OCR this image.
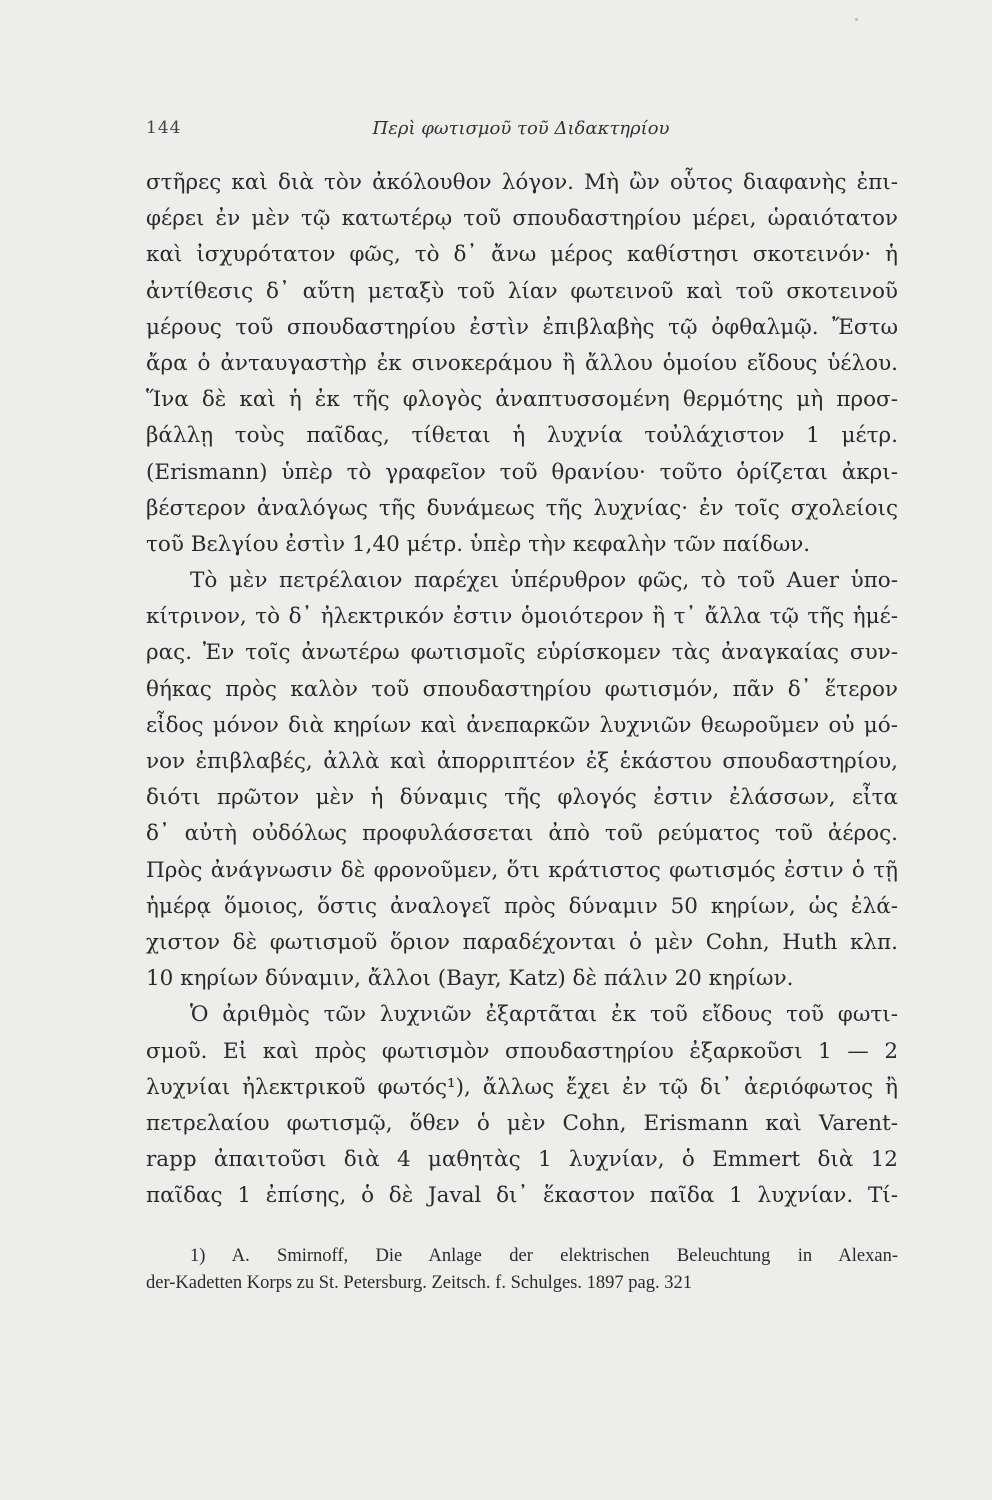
144	Περὶ φωτισμοῦ τοῦ Διδακτηρίου
στῆρες καὶ διὰ τὸν ἀκόλουθον λόγον. Μὴ ὢν οὗτος διαφανὴς ἐπι-
φέρει ἐν μὲν τῷ κατωτέρῳ τοῦ σπουδαστηρίου μέρει, ὡραιότατον
καὶ ἰσχυρότατον φῶς, τὸ δ᾽ ἄνω μέρος καθίστησι σκοτεινόν· ἡ
ἀντίθεσις δ᾽ αὕτη μεταξὺ τοῦ λίαν φωτεινοῦ καὶ τοῦ σκοτεινοῦ
μέρους τοῦ σπουδαστηρίου ἐστὶν ἐπιβλαβὴς τῷ ὀφθαλμῷ. Ἔστω
ἄρα ὁ ἀνταυγαστὴρ ἐκ σινοκεράμου ἢ ἄλλου ὁμοίου εἴδους ὑέλου.
Ἵνα δὲ καὶ ἡ ἐκ τῆς φλογὸς ἀναπτυσσομένη θερμότης μὴ προσ-
βάλλῃ τοὺς παῖδας, τίθεται ἡ λυχνία τοὐλάχιστον 1 μέτρ.
(Erismann) ὑπὲρ τὸ γραφεῖον τοῦ θρανίου· τοῦτο ὁρίζεται ἀκρι-
βέστερον ἀναλόγως τῆς δυνάμεως τῆς λυχνίας· ἐν τοῖς σχολείοις
τοῦ Βελγίου ἐστὶν 1,40 μέτρ. ὑπὲρ τὴν κεφαλὴν τῶν παίδων.
Τὸ μὲν πετρέλαιον παρέχει ὑπέρυθρον φῶς, τὸ τοῦ Auer ὑπο-
κίτρινον, τὸ δ᾽ ἠλεκτρικόν ἐστιν ὁμοιότερον ἢ τ᾽ ἄλλα τῷ τῆς ἡμέ-
ρας. Ἐν τοῖς ἀνωτέρω φωτισμοῖς εὑρίσκομεν τὰς ἀναγκαίας συν-
θήκας πρὸς καλὸν τοῦ σπουδαστηρίου φωτισμόν, πᾶν δ᾽ ἕτερον
εἶδος μόνον διὰ κηρίων καὶ ἀνεπαρκῶν λυχνιῶν θεωροῦμεν οὐ μό-
νον ἐπιβλαβές, ἀλλὰ καὶ ἀπορριπτέον ἐξ ἑκάστου σπουδαστηρίου,
διότι πρῶτον μὲν ἡ δύναμις τῆς φλογός ἐστιν ἐλάσσων, εἶτα
δ᾽ αὐτὴ οὐδόλως προφυλάσσεται ἀπὸ τοῦ ρεύματος τοῦ ἀέρος.
Πρὸς ἀνάγνωσιν δὲ φρονοῦμεν, ὅτι κράτιστος φωτισμός ἐστιν ὁ τῇ
ἡμέρᾳ ὅμοιος, ὅστις ἀναλογεῖ πρὸς δύναμιν 50 κηρίων, ὡς ἐλά-
χιστον δὲ φωτισμοῦ ὅριον παραδέχονται ὁ μὲν Cohn, Huth κλπ.
10 κηρίων δύναμιν, ἄλλοι (Bayr, Katz) δὲ πάλιν 20 κηρίων.
Ὁ ἀριθμὸς τῶν λυχνιῶν ἐξαρτᾶται ἐκ τοῦ εἴδους τοῦ φωτι-
σμοῦ. Εἰ καὶ πρὸς φωτισμὸν σπουδαστηρίου ἐξαρκοῦσι 1 — 2
λυχνίαι ἠλεκτρικοῦ φωτός¹), ἄλλως ἔχει ἐν τῷ δι᾽ ἀεριόφωτος ἢ
πετρελαίου φωτισμῷ, ὅθεν ὁ μὲν Cohn, Erismann καὶ Varent-
rapp ἀπαιτοῦσι διὰ 4 μαθητὰς 1 λυχνίαν, ὁ Emmert διὰ 12
παῖδας 1 ἐπίσης, ὁ δὲ Javal δι᾽ ἕκαστον παῖδα 1 λυχνίαν. Τί-
1) A. Smirnoff, Die Anlage der elektrischen Beleuchtung in Alexan-
der-Kadetten Korps zu St. Petersburg. Zeitsch. f. Schulges. 1897 pag. 321
